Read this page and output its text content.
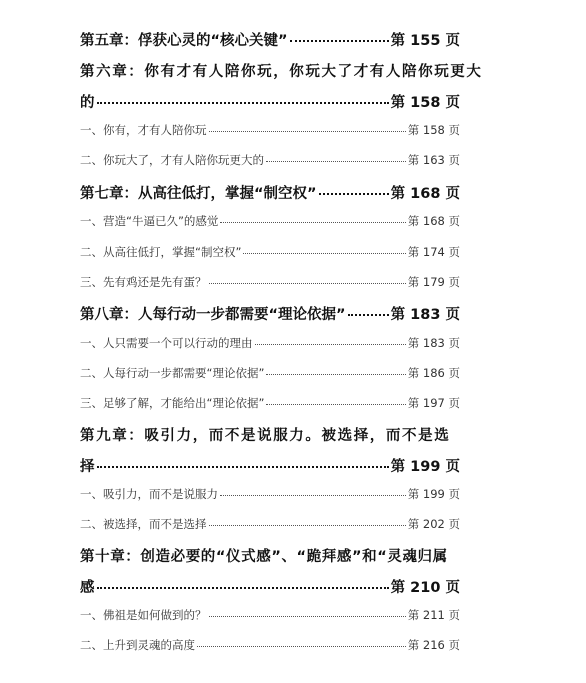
第五章：俘获心灵的“核心关键”	第 155 页
第六章：你有才有人陪你玩，你玩大了才有人陪你玩更大
的	第 158 页
一、你有，才有人陪你玩	第 158 页
二、你玩大了，才有人陪你玩更大的	第 163 页
第七章：从高往低打，掌握“制空权”	第 168 页
一、营造“牛逼已久”的感觉	第 168 页
二、从高往低打，掌握“制空权”	第 174 页
三、先有鸡还是先有蛋？	第 179 页
第八章：人每行动一步都需要“理论依据”	第 183 页
一、人只需要一个可以行动的理由	第 183 页
二、人每行动一步都需要“理论依据”	第 186 页
三、足够了解，才能给出“理论依据”	第 197 页
第九章：吸引力，而不是说服力。被选择，而不是选
择	第 199 页
一、吸引力，而不是说服力	第 199 页
二、被选择，而不是选择	第 202 页
第十章：创造必要的“仪式感”、“跪拜感”和“灵魂归属
感	第 210 页
一、佛祖是如何做到的？	第 211 页
二、上升到灵魂的高度	第 216 页
